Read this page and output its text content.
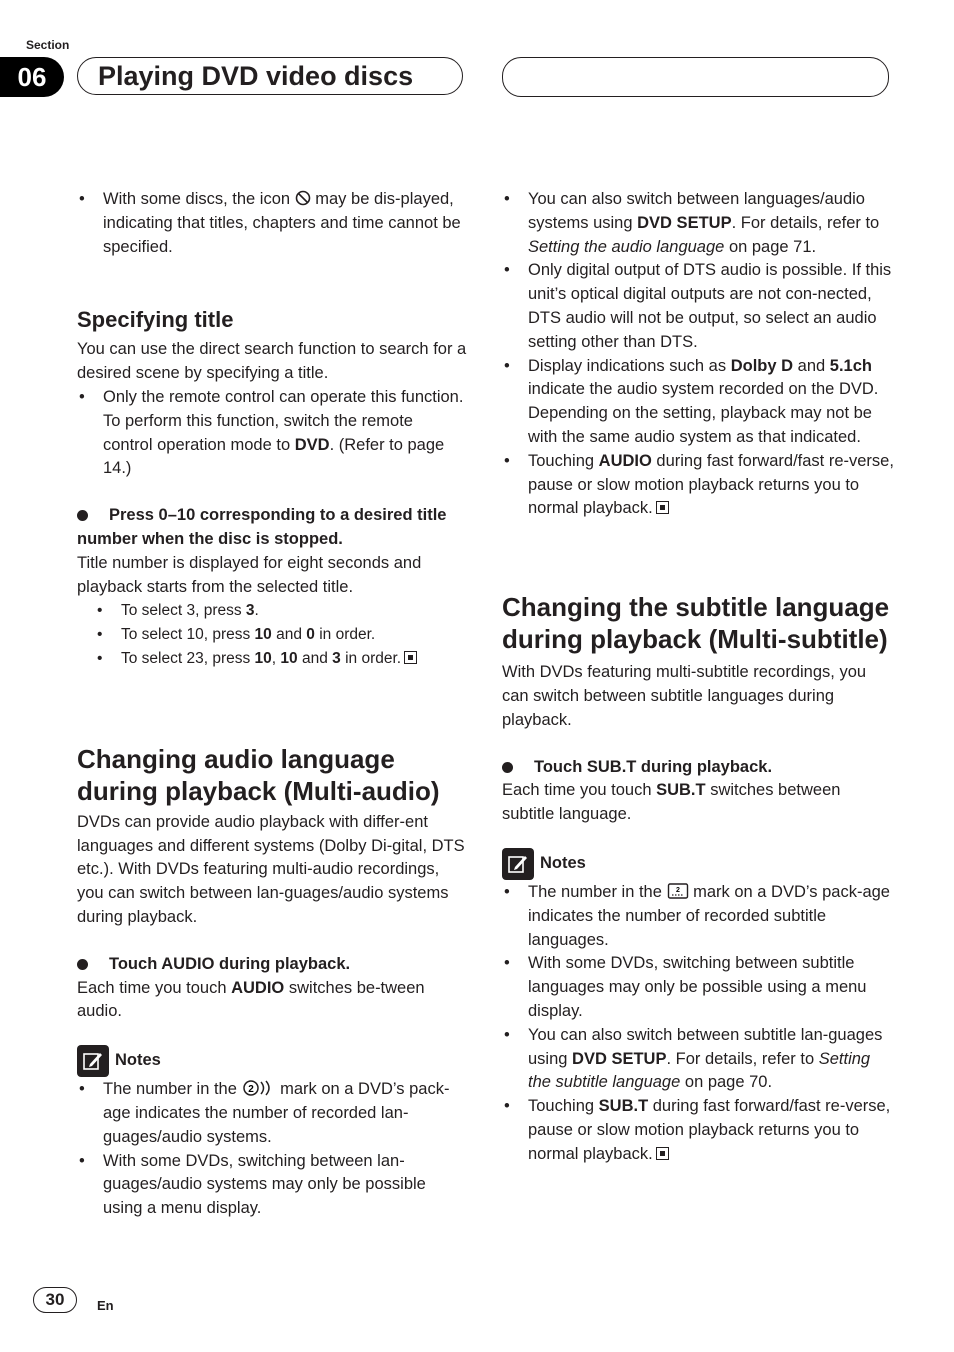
Section
06	Playing DVD video discs

• With some discs, the icon may be dis-played, indicating that titles, chapters and time cannot be specified.

Specifying title

You can use the direct search function to search for a desired scene by specifying a title.

• Only the remote control can operate this function. To perform this function, switch the remote control operation mode to DVD. (Refer to page 14.)

Press 0–10 corresponding to a desired title number when the disc is stopped.

Title number is displayed for eight seconds and playback starts from the selected title.

• To select 3, press 3.

• To select 10, press 10 and 0 in order.

• To select 23, press 10, 10 and 3 in order.

Changing audio language during playback (Multi-audio)

DVDs can provide audio playback with differ-ent languages and different systems (Dolby Di-gital, DTS etc.). With DVDs featuring multi-audio recordings, you can switch between lan-guages/audio systems during playback.

Touch AUDIO during playback.

Each time you touch AUDIO switches be-tween audio.

Notes

• The number in the 2 mark on a DVD’s pack-age indicates the number of recorded lan-guages/audio systems.

• With some DVDs, switching between lan-guages/audio systems may only be possible using a menu display.

• You can also switch between languages/audio systems using DVD SETUP. For details, refer to Setting the audio language on page 71.

• Only digital output of DTS audio is possible. If this unit’s optical digital outputs are not con-nected, DTS audio will not be output, so select an audio setting other than DTS.

• Display indications such as Dolby D and 5.1ch indicate the audio system recorded on the DVD. Depending on the setting, playback may not be with the same audio system as that indicated.

• Touching AUDIO during fast forward/fast re-verse, pause or slow motion playback returns you to normal playback.

Changing the subtitle language during playback (Multi-subtitle)

With DVDs featuring multi-subtitle recordings, you can switch between subtitle languages during playback.

Touch SUB.T during playback.

Each time you touch SUB.T switches between subtitle language.

Notes

• The number in the 2 mark on a DVD’s pack-age indicates the number of recorded subtitle languages.

• With some DVDs, switching between subtitle languages may only be possible using a menu display.

• You can also switch between subtitle lan-guages using DVD SETUP. For details, refer to Setting the subtitle language on page 70.

• Touching SUB.T during fast forward/fast re-verse, pause or slow motion playback returns you to normal playback.

30	En
